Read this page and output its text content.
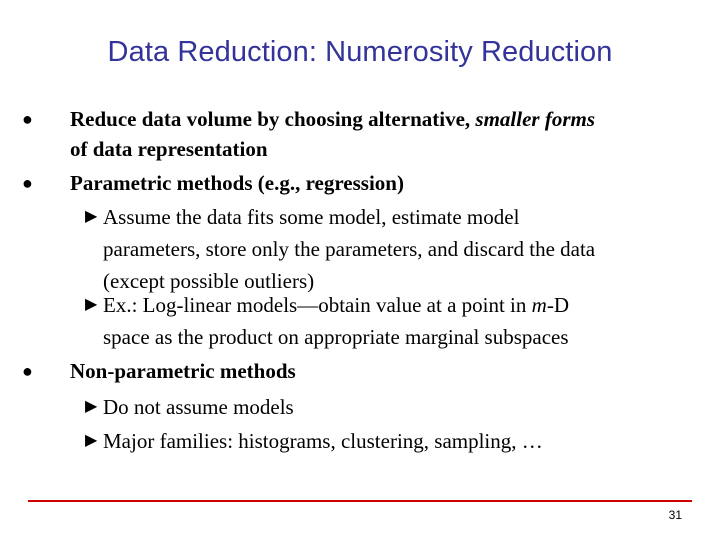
Data Reduction: Numerosity Reduction
●	Reduce data volume by choosing alternative, smaller forms
of data representation
●	Parametric methods (e.g., regression)
▶ Assume the data fits some model, estimate model
parameters, store only the parameters, and discard the data
(except possible outliers)
▶ Ex.: Log-linear models—obtain value at a point in m-D
space as the product on appropriate marginal subspaces
●	Non-parametric methods
▶ Do not assume models
▶ Major families: histograms, clustering, sampling, …
31
